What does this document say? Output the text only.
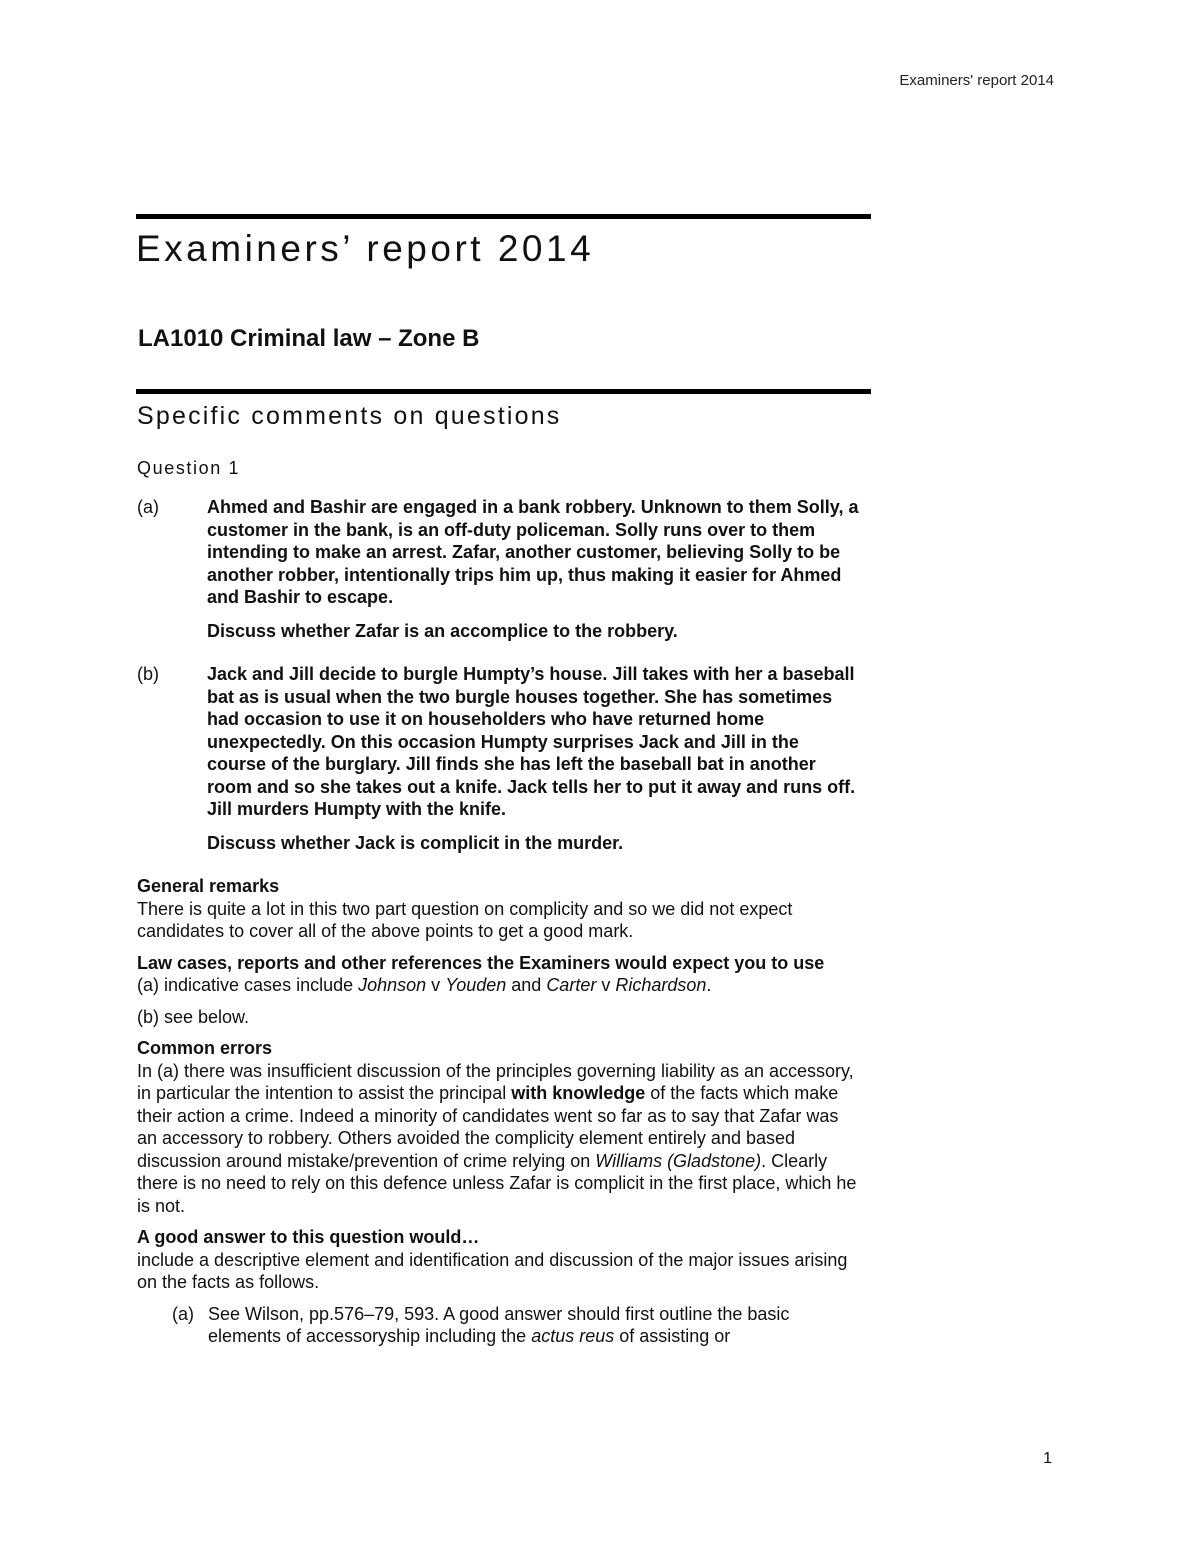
Examiners' report 2014
Examiners’ report 2014
LA1010 Criminal law – Zone B
Specific comments on questions
Question 1
(a)	Ahmed and Bashir are engaged in a bank robbery. Unknown to them Solly, a customer in the bank, is an off-duty policeman. Solly runs over to them intending to make an arrest. Zafar, another customer, believing Solly to be another robber, intentionally trips him up, thus making it easier for Ahmed and Bashir to escape.

Discuss whether Zafar is an accomplice to the robbery.

(b)	Jack and Jill decide to burgle Humpty’s house. Jill takes with her a baseball bat as is usual when the two burgle houses together. She has sometimes had occasion to use it on householders who have returned home unexpectedly. On this occasion Humpty surprises Jack and Jill in the course of the burglary. Jill finds she has left the baseball bat in another room and so she takes out a knife. Jack tells her to put it away and runs off. Jill murders Humpty with the knife.

Discuss whether Jack is complicit in the murder.

General remarks

There is quite a lot in this two part question on complicity and so we did not expect candidates to cover all of the above points to get a good mark.

Law cases, reports and other references the Examiners would expect you to use

(a) indicative cases include Johnson v Youden and Carter v Richardson.

(b) see below.

Common errors

In (a) there was insufficient discussion of the principles governing liability as an accessory, in particular the intention to assist the principal with knowledge of the facts which make their action a crime. Indeed a minority of candidates went so far as to say that Zafar was an accessory to robbery. Others avoided the complicity element entirely and based discussion around mistake/prevention of crime relying on Williams (Gladstone). Clearly there is no need to rely on this defence unless Zafar is complicit in the first place, which he is not.

A good answer to this question would…

include a descriptive element and identification and discussion of the major issues arising on the facts as follows.

(a) See Wilson, pp.576–79, 593. A good answer should first outline the basic elements of accessoryship including the actus reus of assisting or
1
